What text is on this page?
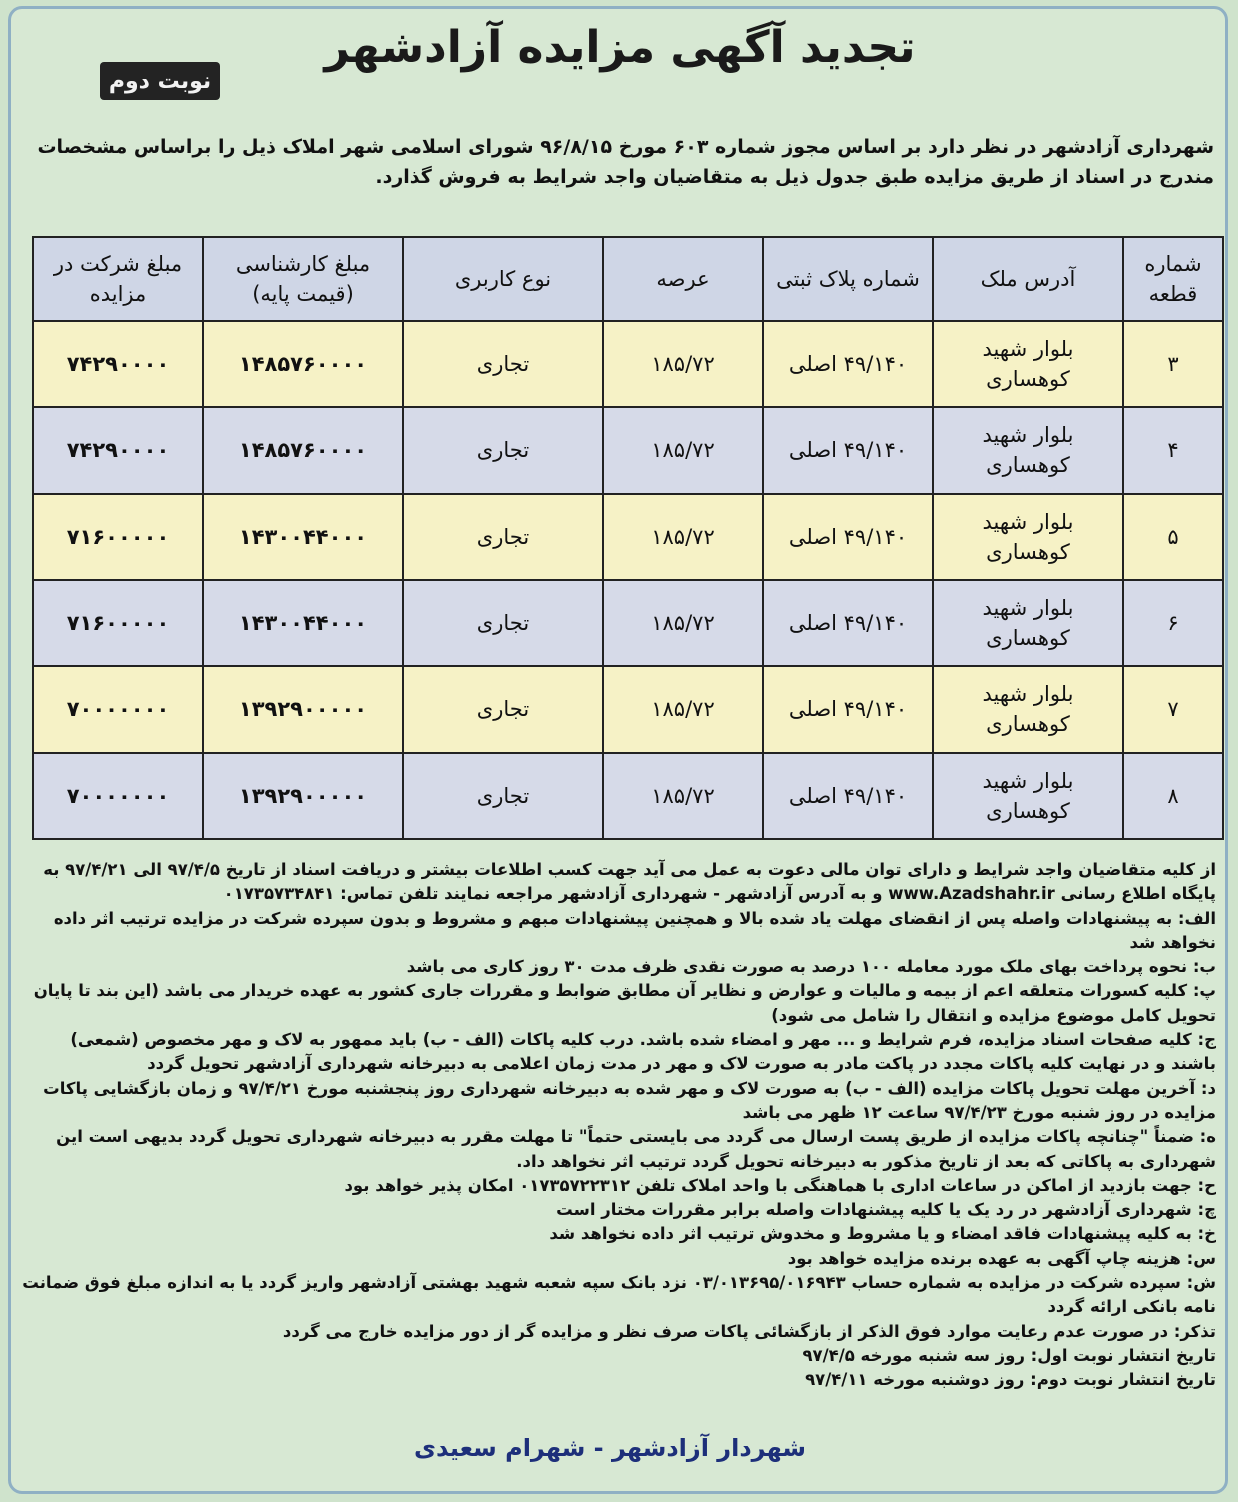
تجدید آگهی مزایده آزادشهر
نوبت دوم
شهرداری آزادشهر در نظر دارد بر اساس مجوز شماره ۶۰۳ مورخ ۹۶/۸/۱۵ شورای اسلامی شهر املاک ذیل را براساس مشخصات مندرج در اسناد از طریق مزایده طبق جدول ذیل به متقاضیان واجد شرایط به فروش گذارد.
شماره قطعه	آدرس ملک	شماره پلاک ثبتی	عرصه	نوع کاربری	مبلغ کارشناسی (قیمت پایه)	مبلغ شرکت در مزایده
۳	بلوار شهید کوهساری	۴۹/۱۴۰ اصلی	۱۸۵/۷۲	تجاری	۱۴۸۵۷۶۰۰۰۰	۷۴۲۹۰۰۰۰
۴	بلوار شهید کوهساری	۴۹/۱۴۰ اصلی	۱۸۵/۷۲	تجاری	۱۴۸۵۷۶۰۰۰۰	۷۴۲۹۰۰۰۰
۵	بلوار شهید کوهساری	۴۹/۱۴۰ اصلی	۱۸۵/۷۲	تجاری	۱۴۳۰۰۴۴۰۰۰	۷۱۶۰۰۰۰۰
۶	بلوار شهید کوهساری	۴۹/۱۴۰ اصلی	۱۸۵/۷۲	تجاری	۱۴۳۰۰۴۴۰۰۰	۷۱۶۰۰۰۰۰
۷	بلوار شهید کوهساری	۴۹/۱۴۰ اصلی	۱۸۵/۷۲	تجاری	۱۳۹۲۹۰۰۰۰۰	۷۰۰۰۰۰۰۰
۸	بلوار شهید کوهساری	۴۹/۱۴۰ اصلی	۱۸۵/۷۲	تجاری	۱۳۹۲۹۰۰۰۰۰	۷۰۰۰۰۰۰۰
از کلیه متقاضیان واجد شرایط و دارای توان مالی دعوت به عمل می آید جهت کسب اطلاعات بیشتر و دریافت اسناد از تاریخ ۹۷/۴/۵ الی ۹۷/۴/۲۱ به پایگاه اطلاع رسانی www.Azadshahr.ir و به آدرس آزادشهر - شهرداری آزادشهر مراجعه نمایند تلفن تماس: ۰۱۷۳۵۷۳۴۸۴۱
الف: به پیشنهادات واصله پس از انقضای مهلت یاد شده بالا و همچنین پیشنهادات مبهم و مشروط و بدون سپرده شرکت در مزایده ترتیب اثر داده نخواهد شد
ب: نحوه پرداخت بهای ملک مورد معامله ۱۰۰ درصد به صورت نقدی ظرف مدت ۳۰ روز کاری می باشد
پ: کلیه کسورات متعلقه اعم از بیمه و مالیات و عوارض و نظایر آن مطابق ضوابط و مقررات جاری کشور به عهده خریدار می باشد (این بند تا پایان تحویل کامل موضوع مزایده و انتقال را شامل می شود)
ج: کلیه صفحات اسناد مزایده، فرم شرایط و ... مهر و امضاء شده باشد. درب کلیه پاکات (الف - ب) باید ممهور به لاک و مهر مخصوص (شمعی) باشند و در نهایت کلیه پاکات مجدد در پاکت مادر به صورت لاک و مهر در مدت زمان اعلامی به دبیرخانه شهرداری آزادشهر تحویل گردد
د: آخرین مهلت تحویل پاکات مزایده (الف - ب) به صورت لاک و مهر شده به دبیرخانه شهرداری روز پنجشنبه مورخ ۹۷/۴/۲۱ و زمان بازگشایی پاکات مزایده در روز شنبه مورخ ۹۷/۴/۲۳ ساعت ۱۲ ظهر می باشد
ه: ضمناً "چنانچه پاکات مزایده از طریق پست ارسال می گردد می بایستی حتماً" تا مهلت مقرر به دبیرخانه شهرداری تحویل گردد بدیهی است این شهرداری به پاکاتی که بعد از تاریخ مذکور به دبیرخانه تحویل گردد ترتیب اثر نخواهد داد.
ح: جهت بازدید از اماکن در ساعات اداری با هماهنگی با واحد املاک تلفن ۰۱۷۳۵۷۲۲۳۱۲ امکان پذیر خواهد بود
چ: شهرداری آزادشهر در رد یک یا کلیه پیشنهادات واصله برابر مقررات مختار است
خ: به کلیه پیشنهادات فاقد امضاء و یا مشروط و مخدوش ترتیب اثر داده نخواهد شد
س: هزینه چاپ آگهی به عهده برنده مزایده خواهد بود
ش: سپرده شرکت در مزایده به شماره حساب ۰۳/۰۱۳۶۹۵/۰۱۶۹۴۳ نزد بانک سپه شعبه شهید بهشتی آزادشهر واریز گردد یا به اندازه مبلغ فوق ضمانت نامه بانکی ارائه گردد
تذکر: در صورت عدم رعایت موارد فوق الذکر از بازگشائی پاکات صرف نظر و مزایده گر از دور مزایده خارج می گردد
تاریخ انتشار نوبت اول: روز سه شنبه مورخه ۹۷/۴/۵
تاریخ انتشار نوبت دوم: روز دوشنبه مورخه ۹۷/۴/۱۱
شهردار آزادشهر - شهرام سعیدی
